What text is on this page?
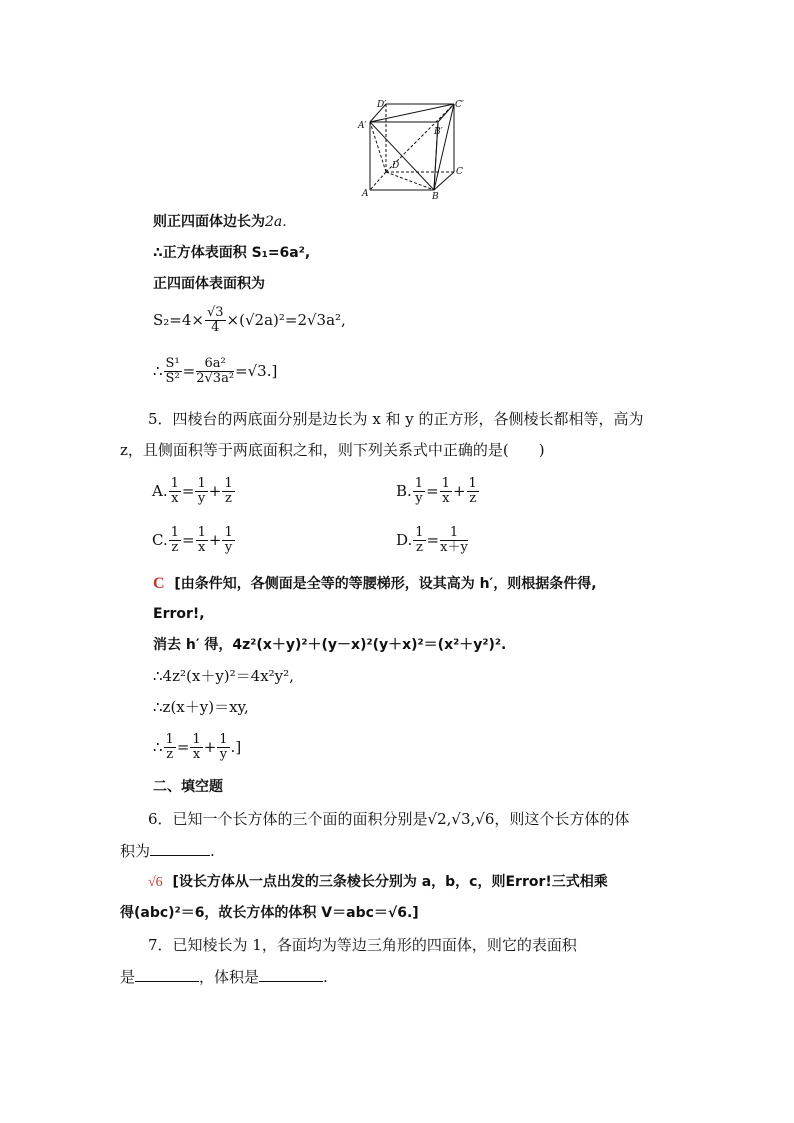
D′	C′
A′
B′
D
C
A	B
则正四面体边长为2a.
∴正方体表面积 S₁=6a²,
正四面体表面积为
$S_2=4\times \frac{√3}{4} \times(√2a)^2=2√3a^2$,
∴ $\frac{\text{S¹}}{\text{S²}} = \frac{\text{6a²}}{\text{2√3a²}} =√3$.]
5．四棱台的两底面分别是边长为 x 和 y 的正方形，各侧棱长都相等，高为
z，且侧面积等于两底面积之和，则下列关系式中正确的是(　　)
A. $\frac{1}{x} = \frac{1}{y} + \frac{1}{z}$	B. $\frac{1}{y} = \frac{1}{x} + \frac{1}{z}$
C. $\frac{1}{z} = \frac{1}{x} + \frac{1}{y}$	D. $\frac{1}{z} = \frac{1}{x+y}$
C [由条件知，各侧面是全等的等腰梯形，设其高为 h′，则根据条件得,
Error!,
消去 h′ 得，4z²(x＋y)²＋(y－x)²(y＋x)²＝(x²＋y²)².
∴4z²(x＋y)²＝4x²y²,
∴z(x＋y)＝xy,
∴ $\frac{1}{z} = \frac{1}{x} + \frac{1}{y}$ .]
二、填空题
6．已知一个长方体的三个面的面积分别是√2,√3,√6，则这个长方体的体
积为	.
√6 [设长方体从一点出发的三条棱长分别为 a，b，c，则Error!三式相乘
得(abc)²＝6，故长方体的体积 V＝abc＝√6.]
7．已知棱长为 1，各面均为等边三角形的四面体，则它的表面积
是	，体积是	.
